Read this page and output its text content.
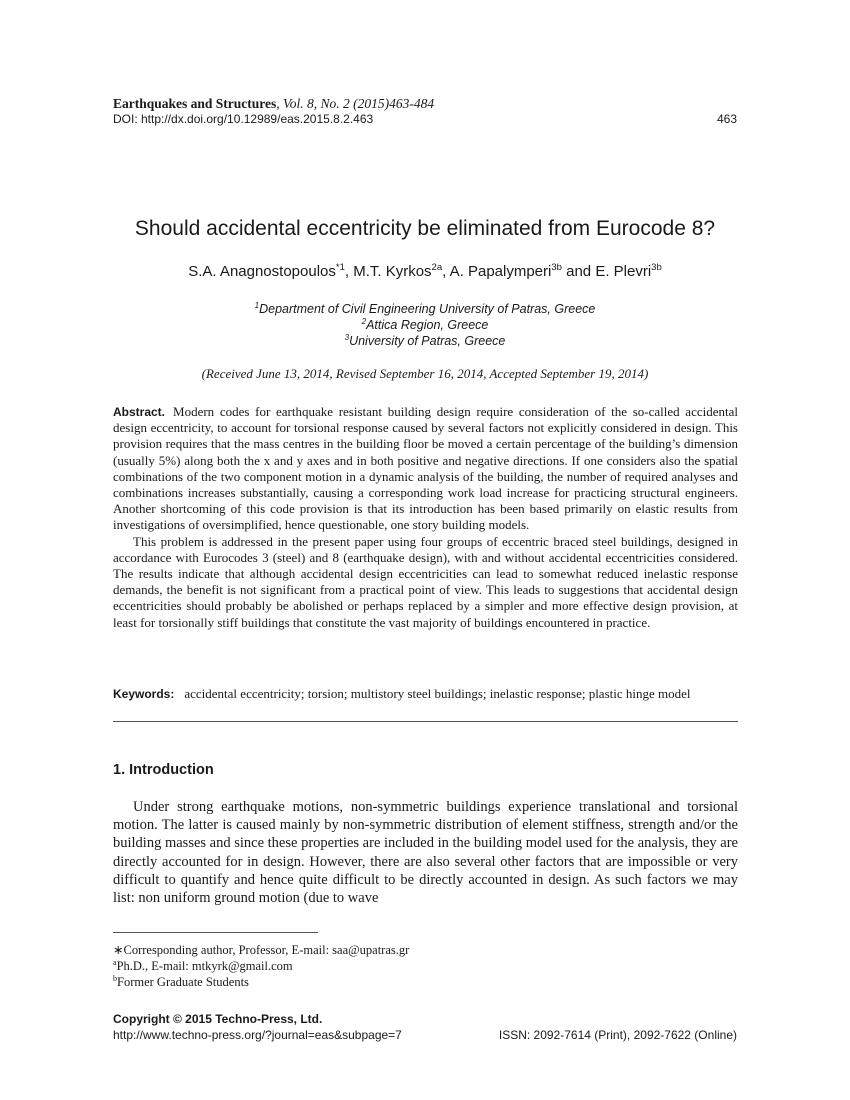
Earthquakes and Structures, Vol. 8, No. 2 (2015)463-484
DOI: http://dx.doi.org/10.12989/eas.2015.8.2.463	463
Should accidental eccentricity be eliminated from Eurocode 8?
S.A. Anagnostopoulos$^{*1}$, M.T. Kyrkos$^{2a}$, A. Papalymperi$^{3b}$ and E. Plevri$^{3b}$
$^1$Department of Civil Engineering University of Patras, Greece
$^2$Attica Region, Greece
$^3$University of Patras, Greece
(Received June 13, 2014, Revised September 16, 2014, Accepted September 19, 2014)

Abstract. Modern codes for earthquake resistant building design require consideration of the so-called accidental design eccentricity, to account for torsional response caused by several factors not explicitly considered in design. This provision requires that the mass centres in the building floor be moved a certain percentage of the building’s dimension (usually 5%) along both the x and y axes and in both positive and negative directions. If one considers also the spatial combinations of the two component motion in a dynamic analysis of the building, the number of required analyses and combinations increases substantially, causing a corresponding work load increase for practicing structural engineers. Another shortcoming of this code provision is that its introduction has been based primarily on elastic results from investigations of oversimplified, hence questionable, one story building models.

This problem is addressed in the present paper using four groups of eccentric braced steel buildings, designed in accordance with Eurocodes 3 (steel) and 8 (earthquake design), with and without accidental eccentricities considered. The results indicate that although accidental design eccentricities can lead to somewhat reduced inelastic response demands, the benefit is not significant from a practical point of view. This leads to suggestions that accidental design eccentricities should probably be abolished or perhaps replaced by a simpler and more effective design provision, at least for torsionally stiff buildings that constitute the vast majority of buildings encountered in practice.

Keywords: accidental eccentricity; torsion; multistory steel buildings; inelastic response; plastic hinge model
1. Introduction

Under strong earthquake motions, non-symmetric buildings experience translational and torsional motion. The latter is caused mainly by non-symmetric distribution of element stiffness, strength and/or the building masses and since these properties are included in the building model used for the analysis, they are directly accounted for in design. However, there are also several other factors that are impossible or very difficult to quantify and hence quite difficult to be directly accounted in design. As such factors we may list: non uniform ground motion (due to wave

∗Corresponding author, Professor, E-mail: saa@upatras.gr
$^a$Ph.D., E-mail: mtkyrk@gmail.com
$^b$Former Graduate Students
Copyright © 2015 Techno-Press, Ltd.
http://www.techno-press.org/?journal=eas&subpage=7	ISSN: 2092-7614 (Print), 2092-7622 (Online)
